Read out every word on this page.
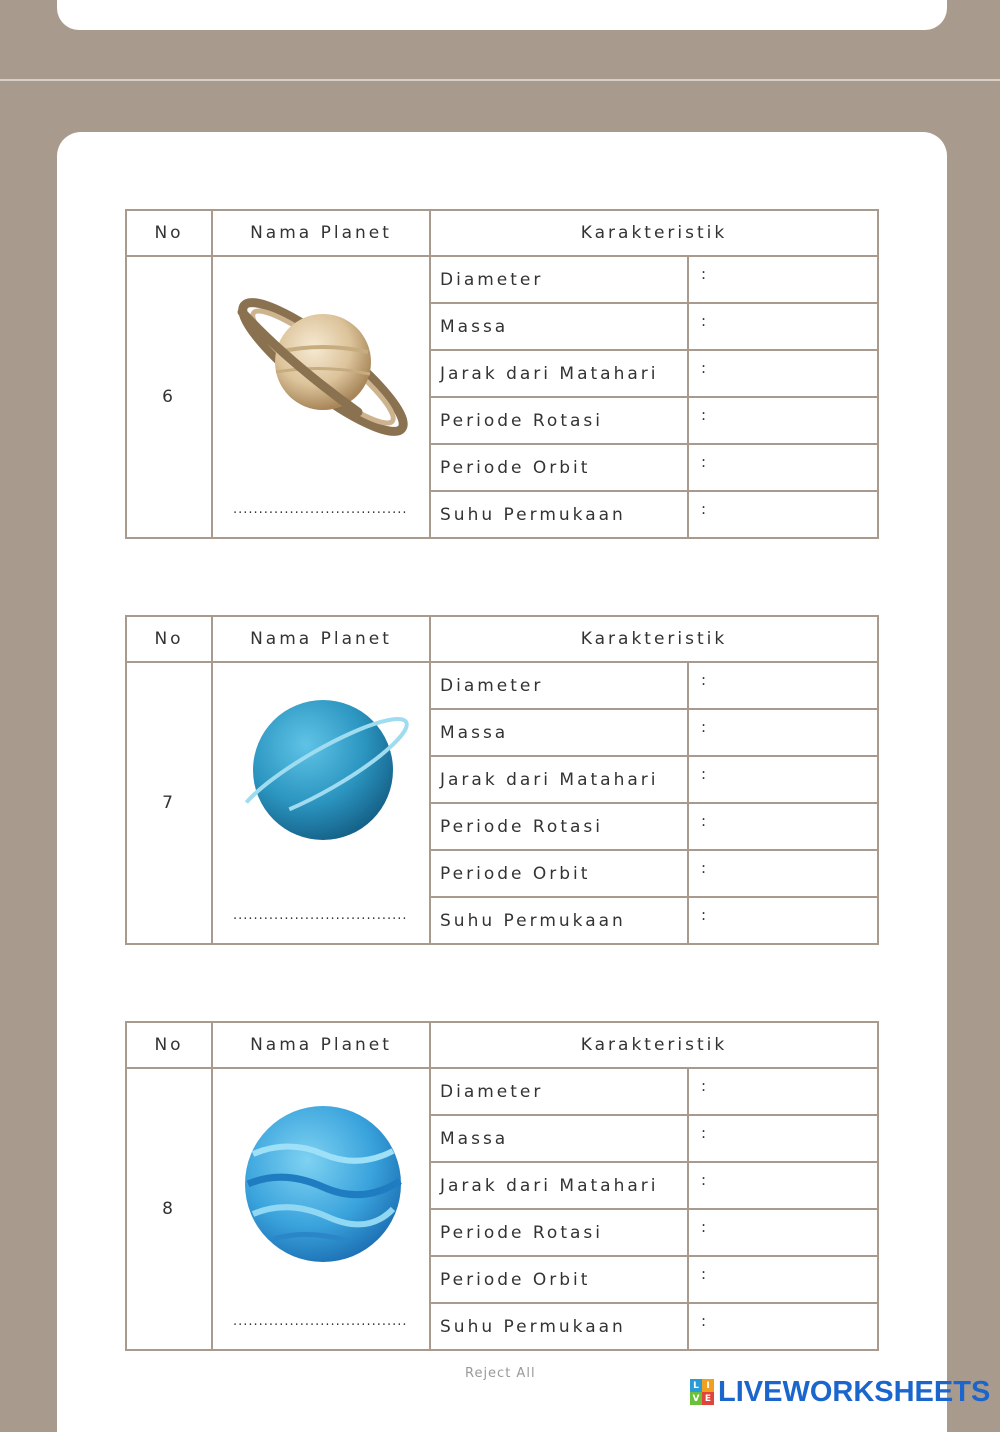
No	Nama Planet	Karakteristik	
6	..................................	Diameter	:
		Massa	:
		Jarak dari Matahari	:
		Periode Rotasi	:
		Periode Orbit	:
		Suhu Permukaan	:
No	Nama Planet	Karakteristik	
7	..................................	Diameter	:
		Massa	:
		Jarak dari Matahari	:
		Periode Rotasi	:
		Periode Orbit	:
		Suhu Permukaan	:
No	Nama Planet	Karakteristik	
8	..................................	Diameter	:
		Massa	:
		Jarak dari Matahari	:
		Periode Rotasi	:
		Periode Orbit	:
		Suhu Permukaan	:
Reject All
L I
V E LIVEWORKSHEETS
